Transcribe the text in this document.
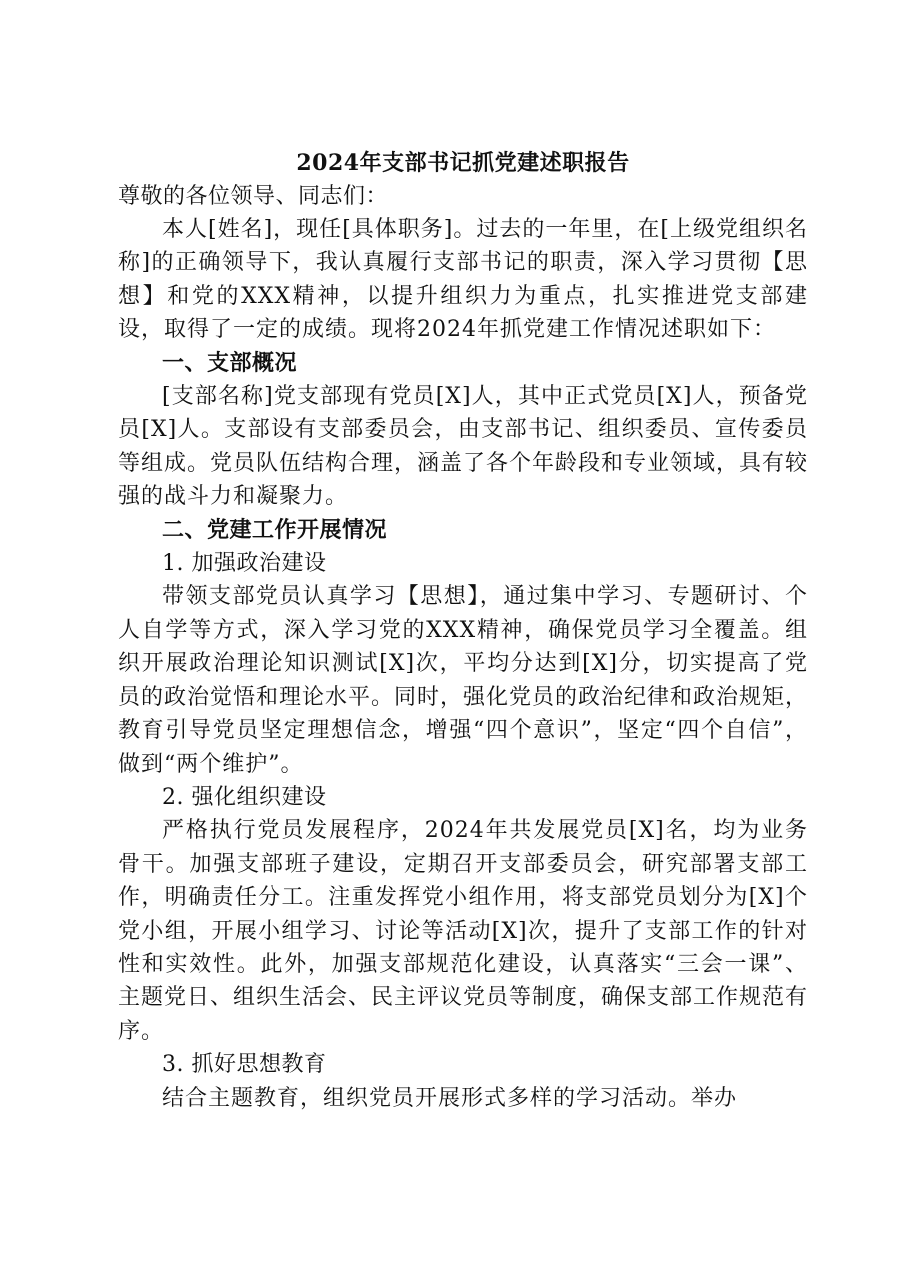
2024年支部书记抓党建述职报告

尊敬的各位领导、同志们：

本人[姓名]，现任[具体职务]。过去的一年里，在[上级党组织名称]的正确领导下，我认真履行支部书记的职责，深入学习贯彻【思想】和党的XXX精神，以提升组织力为重点，扎实推进党支部建设，取得了一定的成绩。现将2024年抓党建工作情况述职如下：

一、支部概况

[支部名称]党支部现有党员[X]人，其中正式党员[X]人，预备党员[X]人。支部设有支部委员会，由支部书记、组织委员、宣传委员等组成。党员队伍结构合理，涵盖了各个年龄段和专业领域，具有较强的战斗力和凝聚力。

二、党建工作开展情况

1. 加强政治建设

带领支部党员认真学习【思想】，通过集中学习、专题研讨、个人自学等方式，深入学习党的XXX精神，确保党员学习全覆盖。组织开展政治理论知识测试[X]次，平均分达到[X]分，切实提高了党员的政治觉悟和理论水平。同时，强化党员的政治纪律和政治规矩，教育引导党员坚定理想信念，增强“四个意识”，坚定“四个自信”，做到“两个维护”。

2. 强化组织建设

严格执行党员发展程序，2024年共发展党员[X]名，均为业务骨干。加强支部班子建设，定期召开支部委员会，研究部署支部工作，明确责任分工。注重发挥党小组作用，将支部党员划分为[X]个党小组，开展小组学习、讨论等活动[X]次，提升了支部工作的针对性和实效性。此外，加强支部规范化建设，认真落实“三会一课”、主题党日、组织生活会、民主评议党员等制度，确保支部工作规范有序。

3. 抓好思想教育

结合主题教育，组织党员开展形式多样的学习活动。举办
